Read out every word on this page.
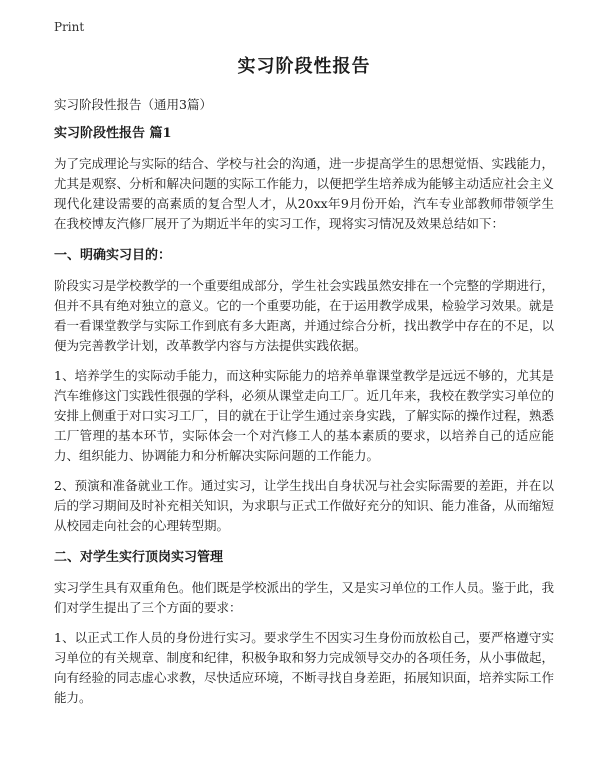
Print
实习阶段性报告
实习阶段性报告（通用3篇）
实习阶段性报告 篇1
为了完成理论与实际的结合、学校与社会的沟通，进一步提高学生的思想觉悟、实践能力，尤其是观察、分析和解决问题的实际工作能力，以便把学生培养成为能够主动适应社会主义现代化建设需要的高素质的复合型人才，从20xx年9月份开始，汽车专业部教师带领学生在我校博友汽修厂展开了为期近半年的实习工作，现将实习情况及效果总结如下：
一、明确实习目的：
阶段实习是学校教学的一个重要组成部分，学生社会实践虽然安排在一个完整的学期进行，但并不具有绝对独立的意义。它的一个重要功能，在于运用教学成果，检验学习效果。就是看一看课堂教学与实际工作到底有多大距离，并通过综合分析，找出教学中存在的不足，以便为完善教学计划，改革教学内容与方法提供实践依据。
1、培养学生的实际动手能力，而这种实际能力的培养单靠课堂教学是远远不够的，尤其是汽车维修这门实践性很强的学科，必须从课堂走向工厂。近几年来，我校在教学实习单位的安排上侧重于对口实习工厂，目的就在于让学生通过亲身实践，了解实际的操作过程，熟悉工厂管理的基本环节，实际体会一个对汽修工人的基本素质的要求，以培养自己的适应能力、组织能力、协调能力和分析解决实际问题的工作能力。
2、预演和准备就业工作。通过实习，让学生找出自身状况与社会实际需要的差距，并在以后的学习期间及时补充相关知识，为求职与正式工作做好充分的知识、能力准备，从而缩短从校园走向社会的心理转型期。
二、对学生实行顶岗实习管理
实习学生具有双重角色。他们既是学校派出的学生，又是实习单位的工作人员。鉴于此，我们对学生提出了三个方面的要求：
1、以正式工作人员的身份进行实习。要求学生不因实习生身份而放松自己，要严格遵守实习单位的有关规章、制度和纪律，积极争取和努力完成领导交办的各项任务，从小事做起，向有经验的同志虚心求教，尽快适应环境，不断寻找自身差距，拓展知识面，培养实际工作能力。
